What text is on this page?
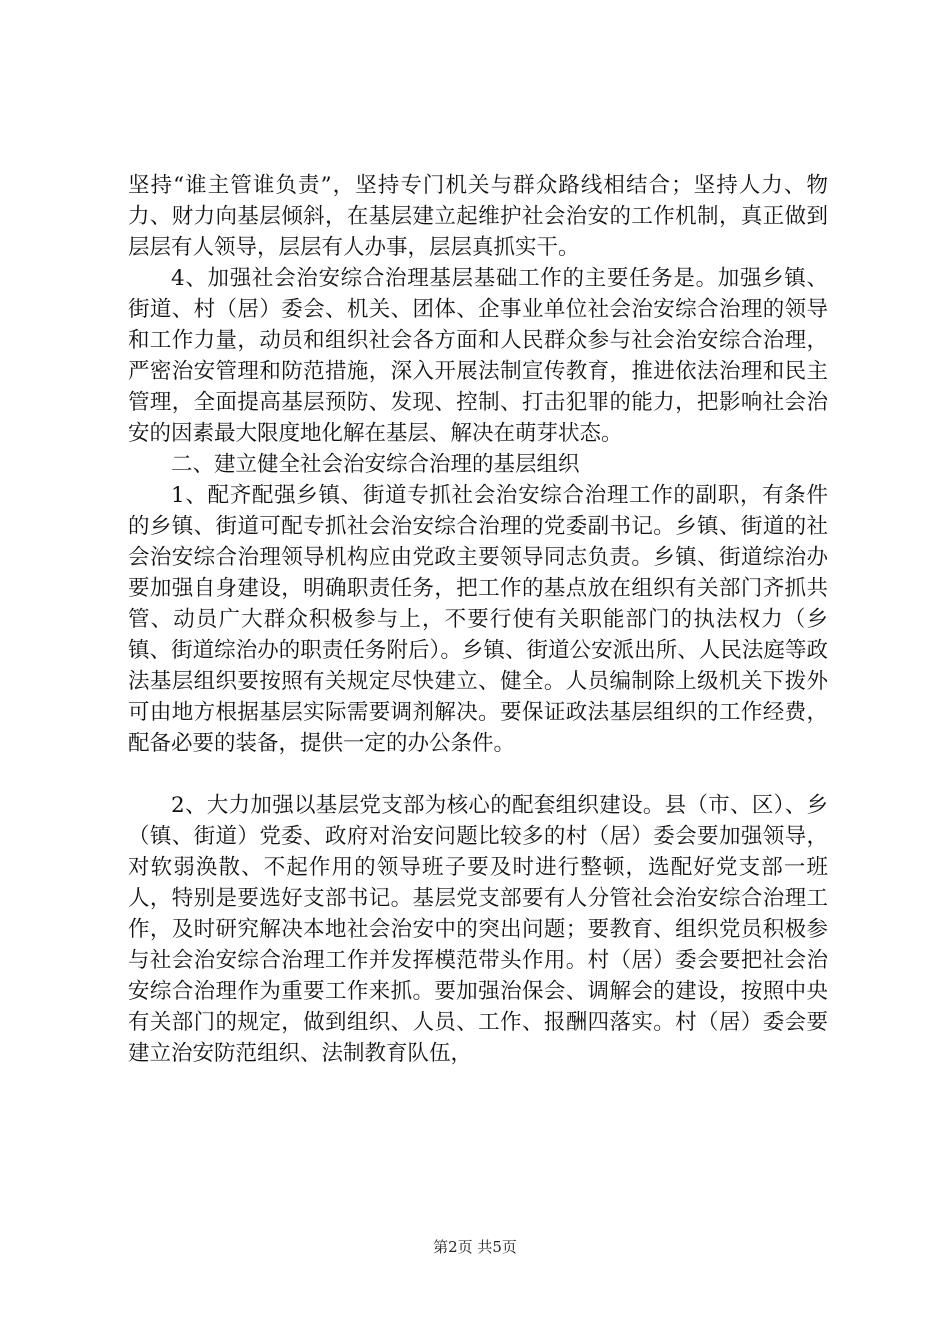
坚持“谁主管谁负责”，坚持专门机关与群众路线相结合；坚持人力、物力、财力向基层倾斜，在基层建立起维护社会治安的工作机制，真正做到层层有人领导，层层有人办事，层层真抓实干。

4、加强社会治安综合治理基层基础工作的主要任务是。加强乡镇、街道、村（居）委会、机关、团体、企事业单位社会治安综合治理的领导和工作力量，动员和组织社会各方面和人民群众参与社会治安综合治理，严密治安管理和防范措施，深入开展法制宣传教育，推进依法治理和民主管理，全面提高基层预防、发现、控制、打击犯罪的能力，把影响社会治安的因素最大限度地化解在基层、解决在萌芽状态。

二、建立健全社会治安综合治理的基层组织

1、配齐配强乡镇、街道专抓社会治安综合治理工作的副职，有条件的乡镇、街道可配专抓社会治安综合治理的党委副书记。乡镇、街道的社会治安综合治理领导机构应由党政主要领导同志负责。乡镇、街道综治办要加强自身建设，明确职责任务，把工作的基点放在组织有关部门齐抓共管、动员广大群众积极参与上，不要行使有关职能部门的执法权力（乡镇、街道综治办的职责任务附后）。乡镇、街道公安派出所、人民法庭等政法基层组织要按照有关规定尽快建立、健全。人员编制除上级机关下拨外可由地方根据基层实际需要调剂解决。要保证政法基层组织的工作经费，配备必要的装备，提供一定的办公条件。

2、大力加强以基层党支部为核心的配套组织建设。县（市、区）、乡（镇、街道）党委、政府对治安问题比较多的村（居）委会要加强领导，对软弱涣散、不起作用的领导班子要及时进行整顿，选配好党支部一班人，特别是要选好支部书记。基层党支部要有人分管社会治安综合治理工作，及时研究解决本地社会治安中的突出问题；要教育、组织党员积极参与社会治安综合治理工作并发挥模范带头作用。村（居）委会要把社会治安综合治理作为重要工作来抓。要加强治保会、调解会的建设，按照中央有关部门的规定，做到组织、人员、工作、报酬四落实。村（居）委会要建立治安防范组织、法制教育队伍，

第2页 共5页
